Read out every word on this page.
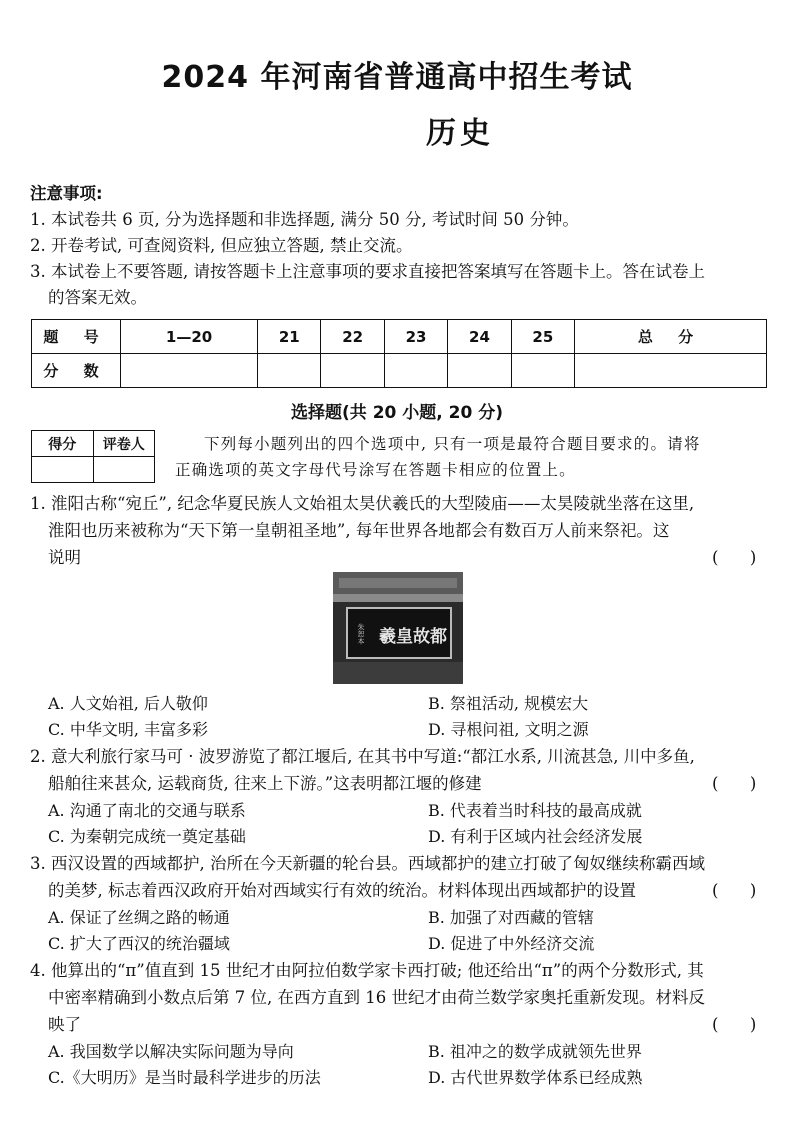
2024 年河南省普通高中招生考试
历史
注意事项:
1. 本试卷共 6 页, 分为选择题和非选择题, 满分 50 分, 考试时间 50 分钟。
2. 开卷考试, 可查阅资料, 但应独立答题, 禁止交流。
3. 本试卷上不要答题, 请按答题卡上注意事项的要求直接把答案填写在答题卡上。答在试卷上
的答案无效。
题 号	1—20	21	22	23	24	25	总 分
分 数							
选择题(共 20 小题, 20 分)
得分	评卷人
		下列每小题列出的四个选项中, 只有一项是最符合题目要求的。请将
正确选项的英文字母代号涂写在答题卡相应的位置上。
1. 淮阳古称“宛丘”, 纪念华夏民族人文始祖太昊伏羲氏的大型陵庙——太昊陵就坐落在这里,
淮阳也历来被称为“天下第一皇朝祖圣地”, 每年世界各地都会有数百万人前来祭祀。这
说明	(      )
羲皇故都
朱恕本
A. 人文始祖, 后人敬仰	B. 祭祖活动, 规模宏大
C. 中华文明, 丰富多彩	D. 寻根问祖, 文明之源
2. 意大利旅行家马可 · 波罗游览了都江堰后, 在其书中写道:“都江水系, 川流甚急, 川中多鱼,
船舶往来甚众, 运载商货, 往来上下游。”这表明都江堰的修建	(      )
A. 沟通了南北的交通与联系	B. 代表着当时科技的最高成就
C. 为秦朝完成统一奠定基础	D. 有利于区域内社会经济发展
3. 西汉设置的西域都护, 治所在今天新疆的轮台县。西域都护的建立打破了匈奴继续称霸西域
的美梦, 标志着西汉政府开始对西域实行有效的统治。材料体现出西域都护的设置	(      )
A. 保证了丝绸之路的畅通	B. 加强了对西藏的管辖
C. 扩大了西汉的统治疆域	D. 促进了中外经济交流
4. 他算出的“π”值直到 15 世纪才由阿拉伯数学家卡西打破; 他还给出“π”的两个分数形式, 其
中密率精确到小数点后第 7 位, 在西方直到 16 世纪才由荷兰数学家奥托重新发现。材料反
映了	(      )
A. 我国数学以解决实际问题为导向	B. 祖冲之的数学成就领先世界
C.《大明历》是当时最科学进步的历法	D. 古代世界数学体系已经成熟
